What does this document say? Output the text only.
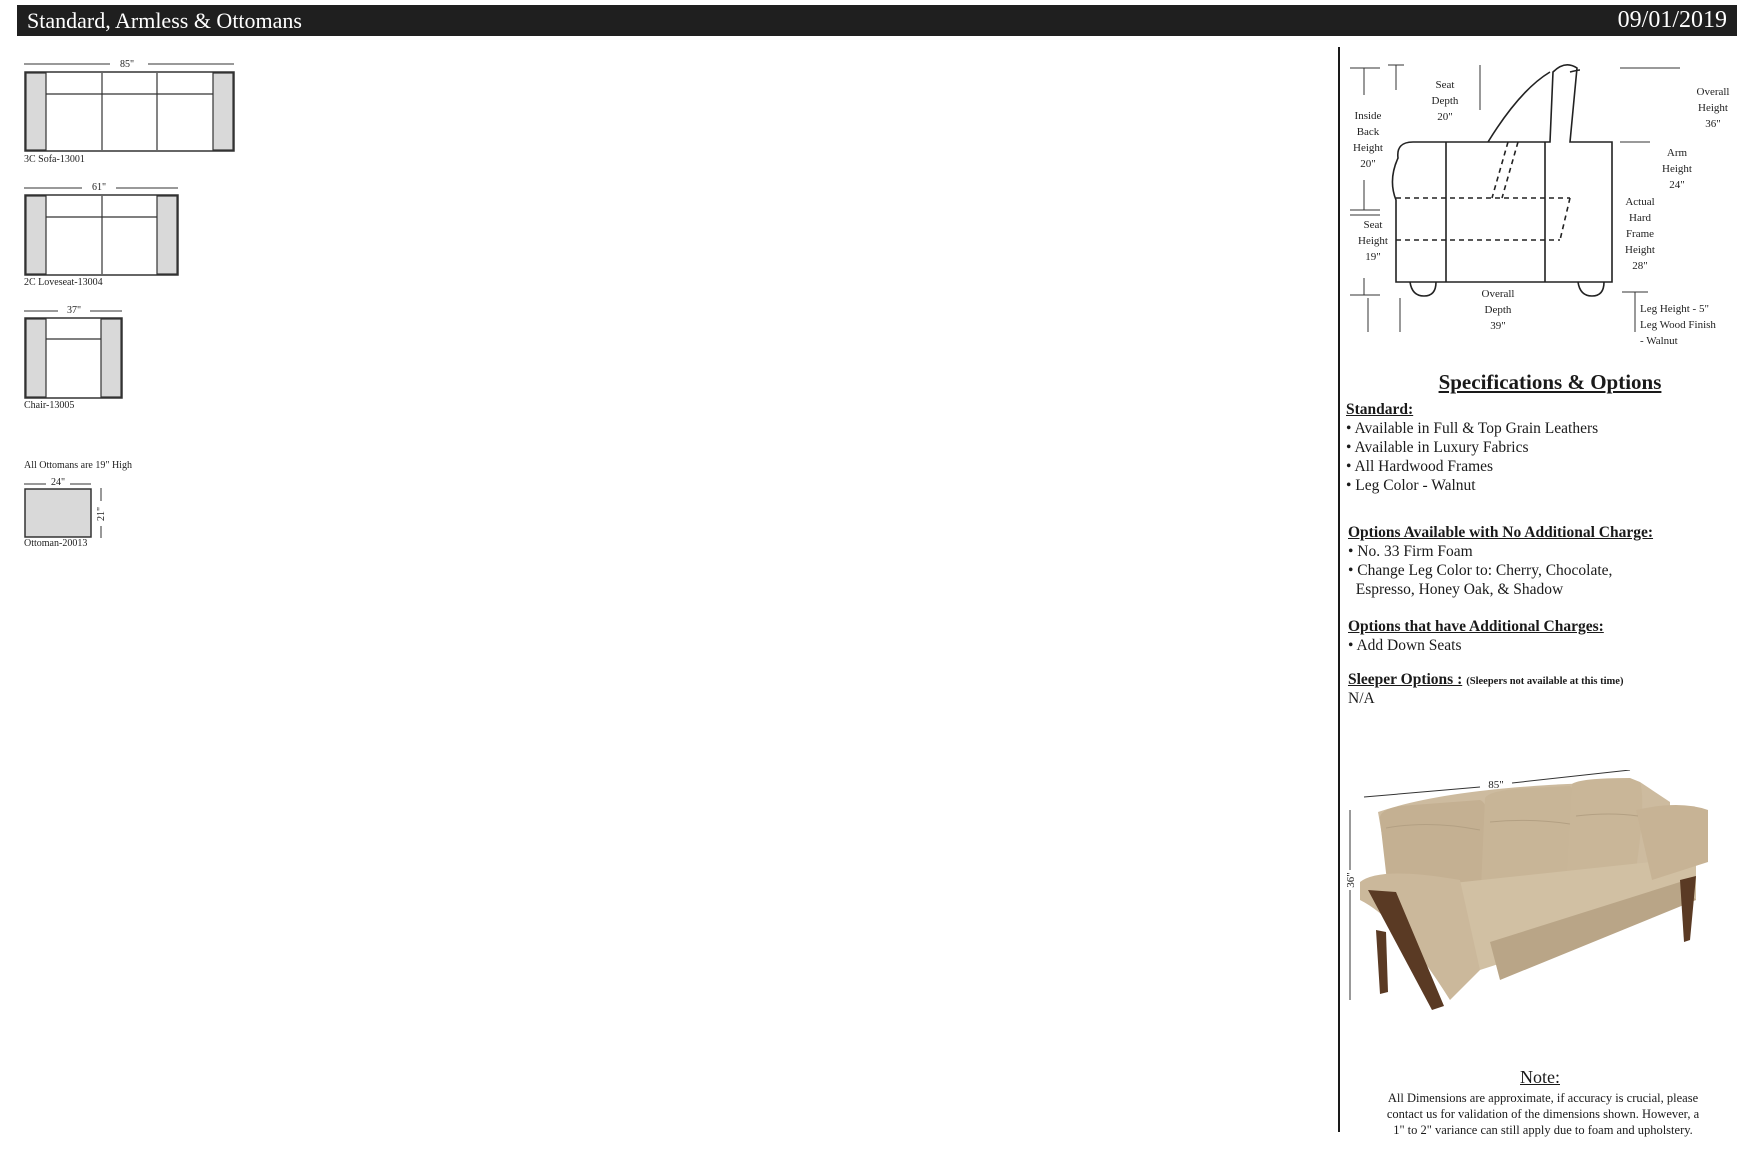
Standard, Armless & Ottomans	09/01/2019
85"
3C Sofa-13001
61"
2C Loveseat-13004
37"
Chair-13005
All Ottomans are 19" High
24"
21"
Ottoman-20013
Seat Depth 20"
Inside Back Height 20"
Overall Height 36"
Arm Height 24"
Seat Height 19"
Actual Hard Frame Height 28"
Overall Depth 39"
Leg Height - 5" Leg Wood Finish - Walnut
Specifications & Options
Standard:
• Available in Full & Top Grain Leathers
• Available in Luxury Fabrics
• All Hardwood Frames
• Leg Color - Walnut
Options Available with No Additional Charge:
• No. 33 Firm Foam
• Change Leg Color to: Cherry, Chocolate,
Espresso, Honey Oak, & Shadow
Options that have Additional Charges:
• Add Down Seats
Sleeper Options : (Sleepers not available at this time)
N/A
85"
36"
Note:
All Dimensions are approximate, if accuracy is crucial, please
contact us for validation of the dimensions shown. However, a
1" to 2" variance can still apply due to foam and upholstery.
